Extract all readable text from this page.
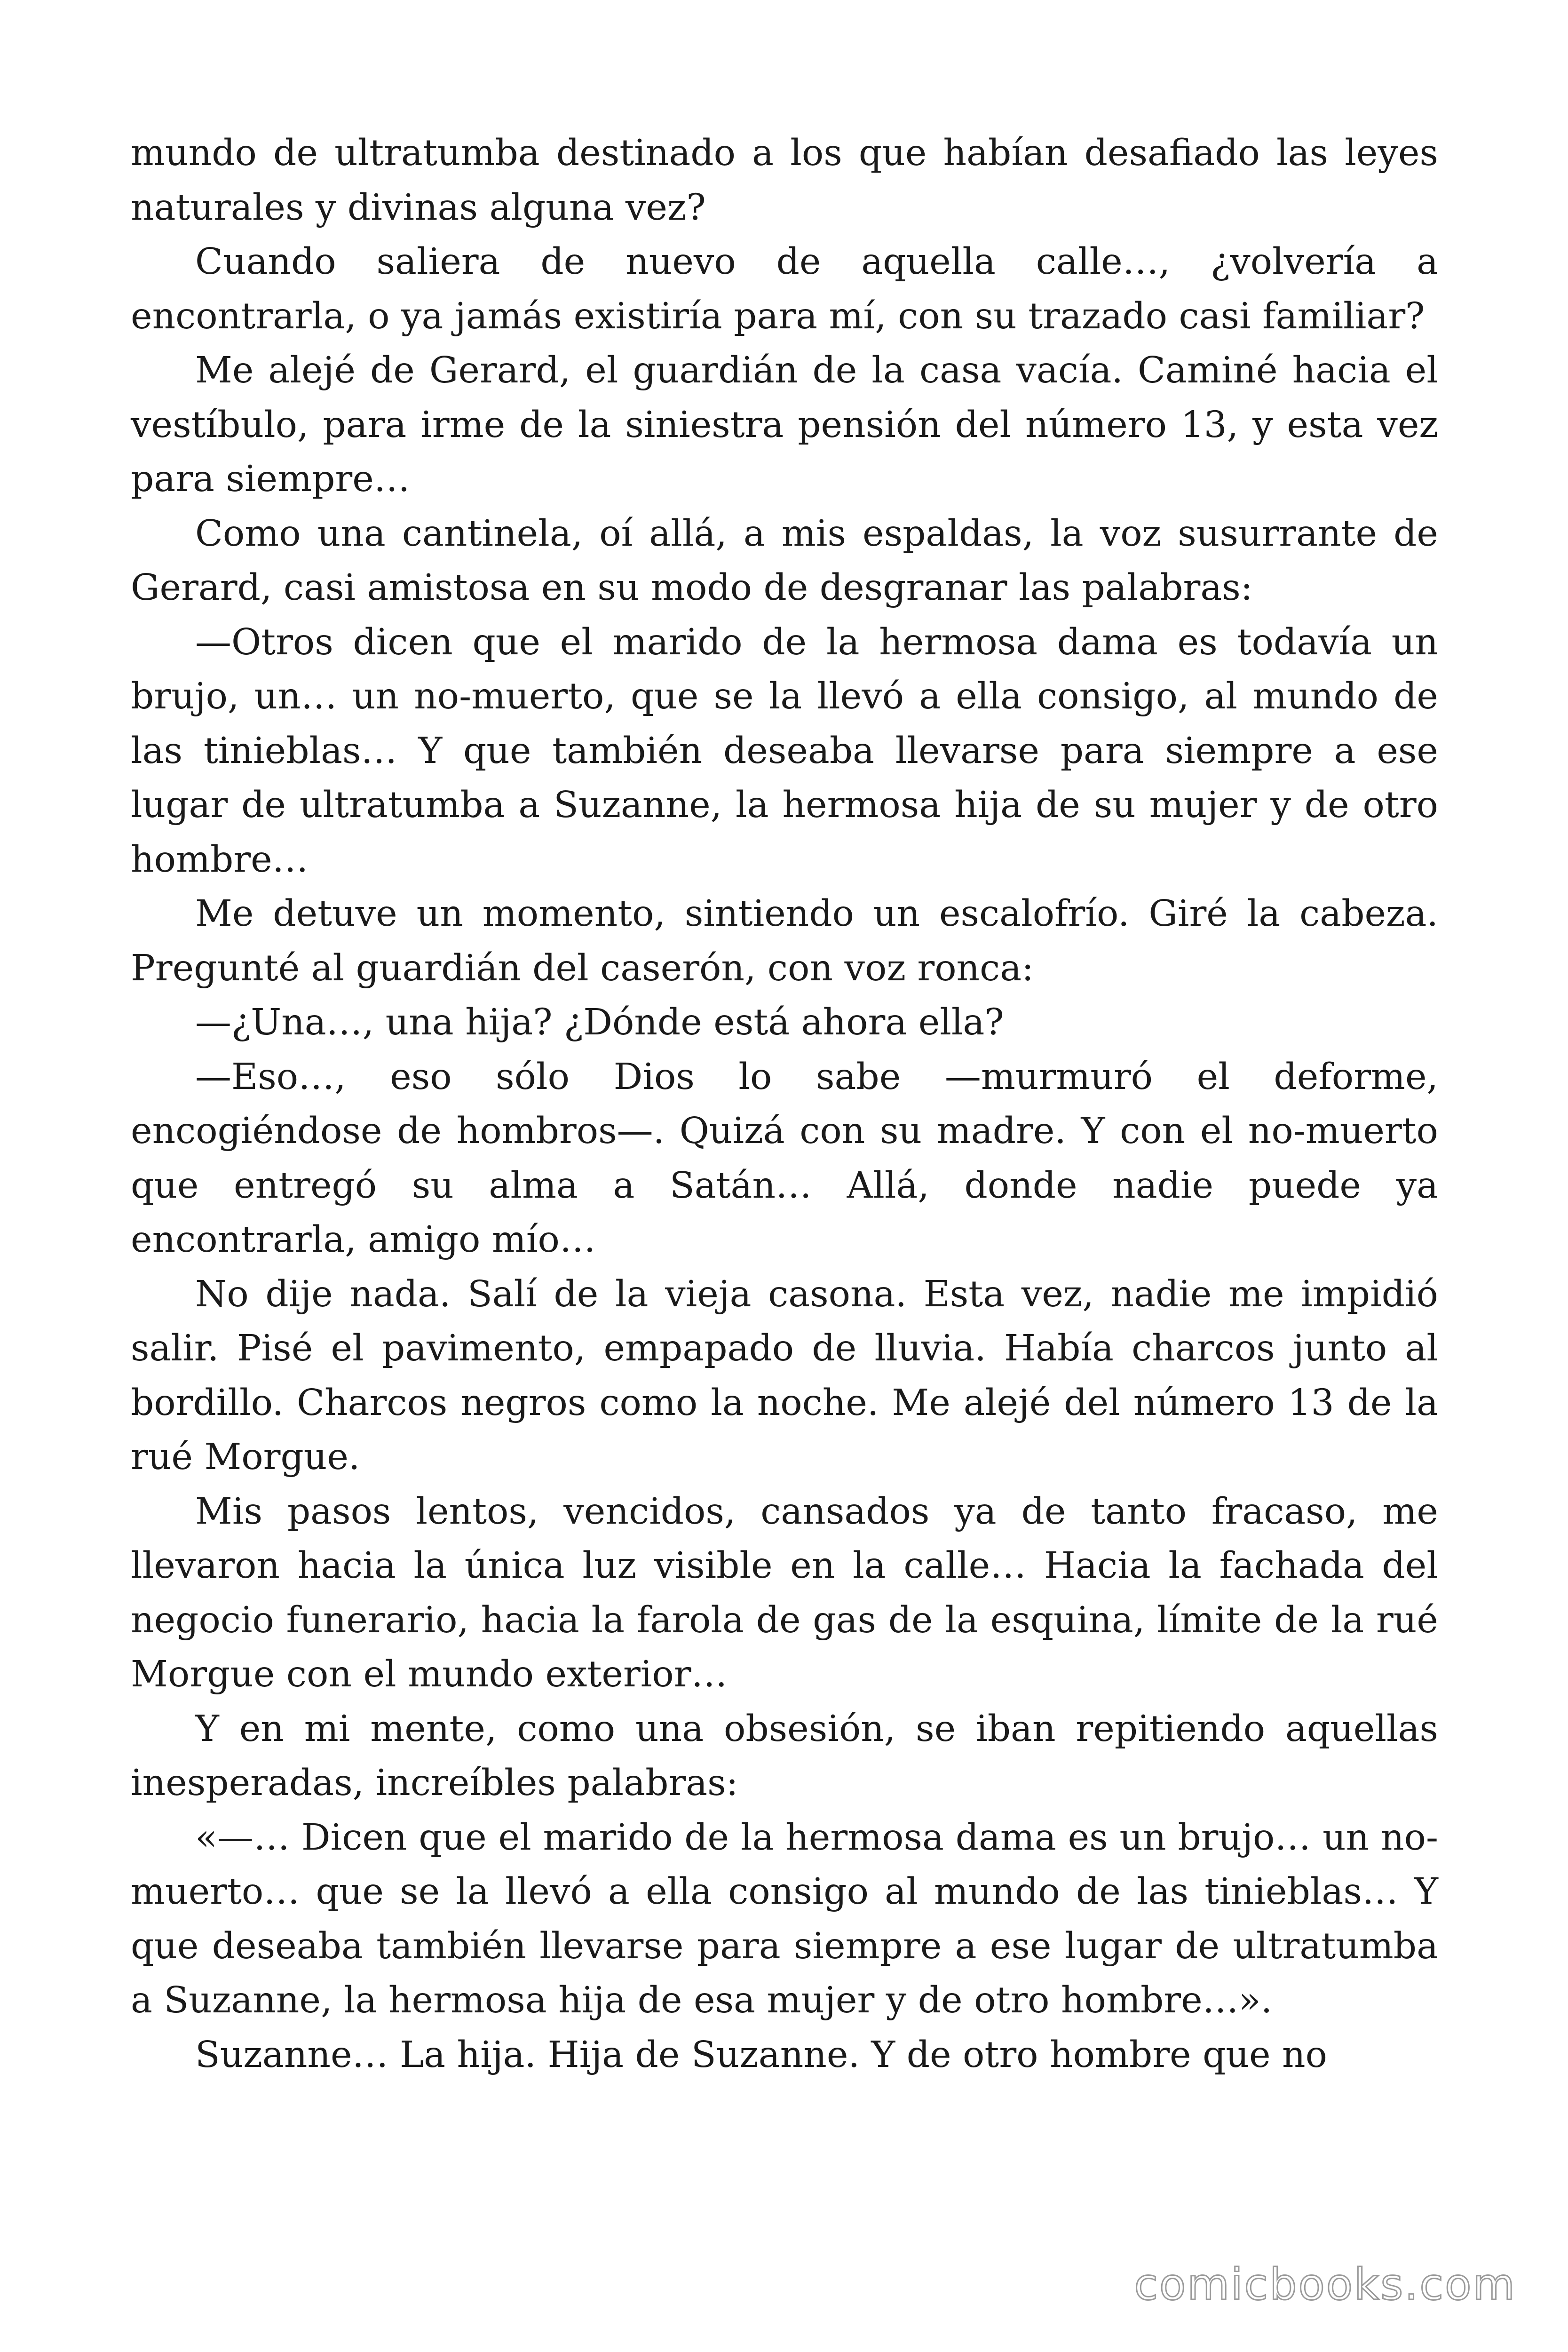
mundo de ultratumba destinado a los que habían desafiado las leyes naturales y divinas alguna vez?

Cuando saliera de nuevo de aquella calle…, ¿volvería a encontrarla, o ya jamás existiría para mí, con su trazado casi familiar?

Me alejé de Gerard, el guardián de la casa vacía. Caminé hacia el vestíbulo, para irme de la siniestra pensión del número 13, y esta vez para siempre…

Como una cantinela, oí allá, a mis espaldas, la voz susurrante de Gerard, casi amistosa en su modo de desgranar las palabras:

—Otros dicen que el marido de la hermosa dama es todavía un brujo, un… un no-muerto, que se la llevó a ella consigo, al mundo de las tinieblas… Y que también deseaba llevarse para siempre a ese lugar de ultratumba a Suzanne, la hermosa hija de su mujer y de otro hombre…

Me detuve un momento, sintiendo un escalofrío. Giré la cabeza. Pregunté al guardián del caserón, con voz ronca:

—¿Una…, una hija? ¿Dónde está ahora ella?

—Eso…, eso sólo Dios lo sabe —murmuró el deforme, encogiéndose de hombros—. Quizá con su madre. Y con el no-muerto que entregó su alma a Satán… Allá, donde nadie puede ya encontrarla, amigo mío…

No dije nada. Salí de la vieja casona. Esta vez, nadie me impidió salir. Pisé el pavimento, empapado de lluvia. Había charcos junto al bordillo. Charcos negros como la noche. Me alejé del número 13 de la rué Morgue.

Mis pasos lentos, vencidos, cansados ya de tanto fracaso, me llevaron hacia la única luz visible en la calle… Hacia la fachada del negocio funerario, hacia la farola de gas de la esquina, límite de la rué Morgue con el mundo exterior…

Y en mi mente, como una obsesión, se iban repitiendo aquellas inesperadas, increíbles palabras:

«—… Dicen que el marido de la hermosa dama es un brujo… un no-muerto… que se la llevó a ella consigo al mundo de las tinieblas… Y que deseaba también llevarse para siempre a ese lugar de ultratumba a Suzanne, la hermosa hija de esa mujer y de otro hombre…».

Suzanne… La hija. Hija de Suzanne. Y de otro hombre que no

comicbooks.com
